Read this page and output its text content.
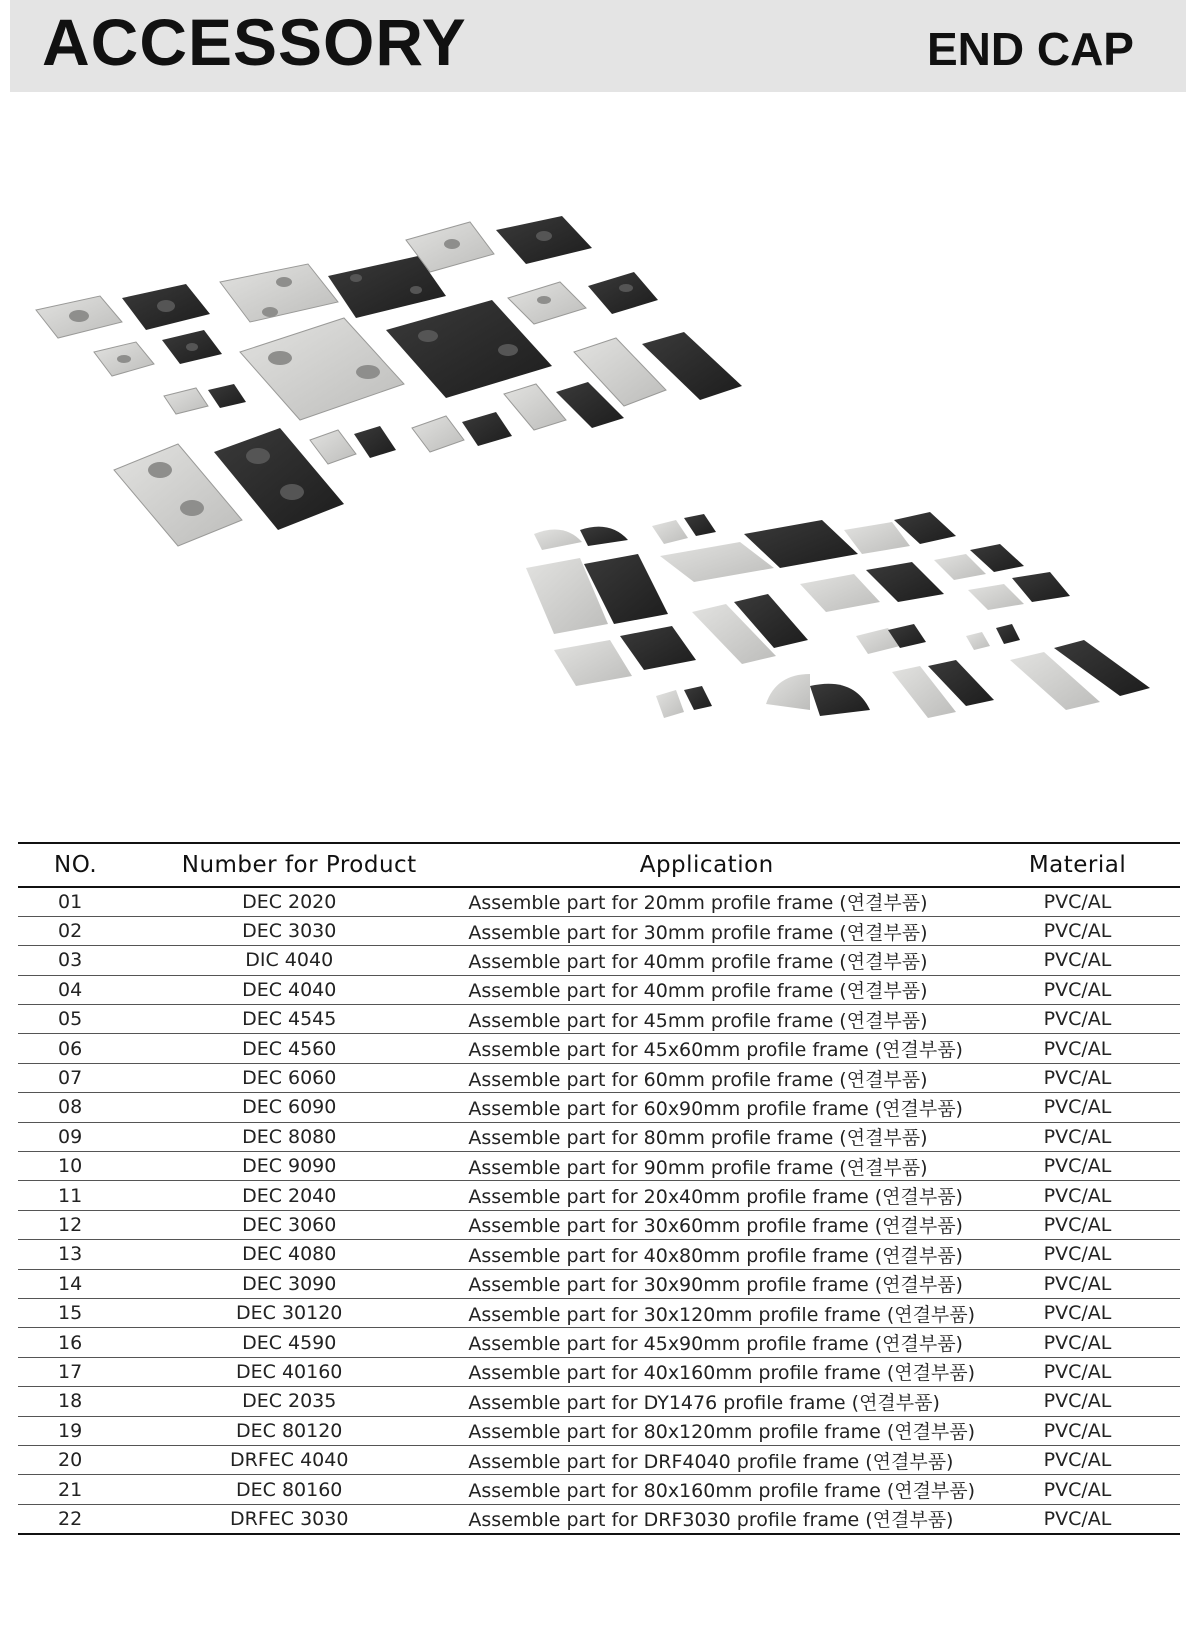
ACCESSORY	END CAP
NO.	Number for Product	Application	Material
01	DEC 2020	Assemble part for 20mm profile frame (연결부품)	PVC/AL
02	DEC 3030	Assemble part for 30mm profile frame (연결부품)	PVC/AL
03	DIC 4040	Assemble part for 40mm profile frame (연결부품)	PVC/AL
04	DEC 4040	Assemble part for 40mm profile frame (연결부품)	PVC/AL
05	DEC 4545	Assemble part for 45mm profile frame (연결부품)	PVC/AL
06	DEC 4560	Assemble part for 45x60mm profile frame (연결부품)	PVC/AL
07	DEC 6060	Assemble part for 60mm profile frame (연결부품)	PVC/AL
08	DEC 6090	Assemble part for 60x90mm profile frame (연결부품)	PVC/AL
09	DEC 8080	Assemble part for 80mm profile frame (연결부품)	PVC/AL
10	DEC 9090	Assemble part for 90mm profile frame (연결부품)	PVC/AL
11	DEC 2040	Assemble part for 20x40mm profile frame (연결부품)	PVC/AL
12	DEC 3060	Assemble part for 30x60mm profile frame (연결부품)	PVC/AL
13	DEC 4080	Assemble part for 40x80mm profile frame (연결부품)	PVC/AL
14	DEC 3090	Assemble part for 30x90mm profile frame (연결부품)	PVC/AL
15	DEC 30120	Assemble part for 30x120mm profile frame (연결부품)	PVC/AL
16	DEC 4590	Assemble part for 45x90mm profile frame (연결부품)	PVC/AL
17	DEC 40160	Assemble part for 40x160mm profile frame (연결부품)	PVC/AL
18	DEC 2035	Assemble part for DY1476 profile frame (연결부품)	PVC/AL
19	DEC 80120	Assemble part for 80x120mm profile frame (연결부품)	PVC/AL
20	DRFEC 4040	Assemble part for DRF4040 profile frame (연결부품)	PVC/AL
21	DEC 80160	Assemble part for 80x160mm profile frame (연결부품)	PVC/AL
22	DRFEC 3030	Assemble part for DRF3030 profile frame (연결부품)	PVC/AL
